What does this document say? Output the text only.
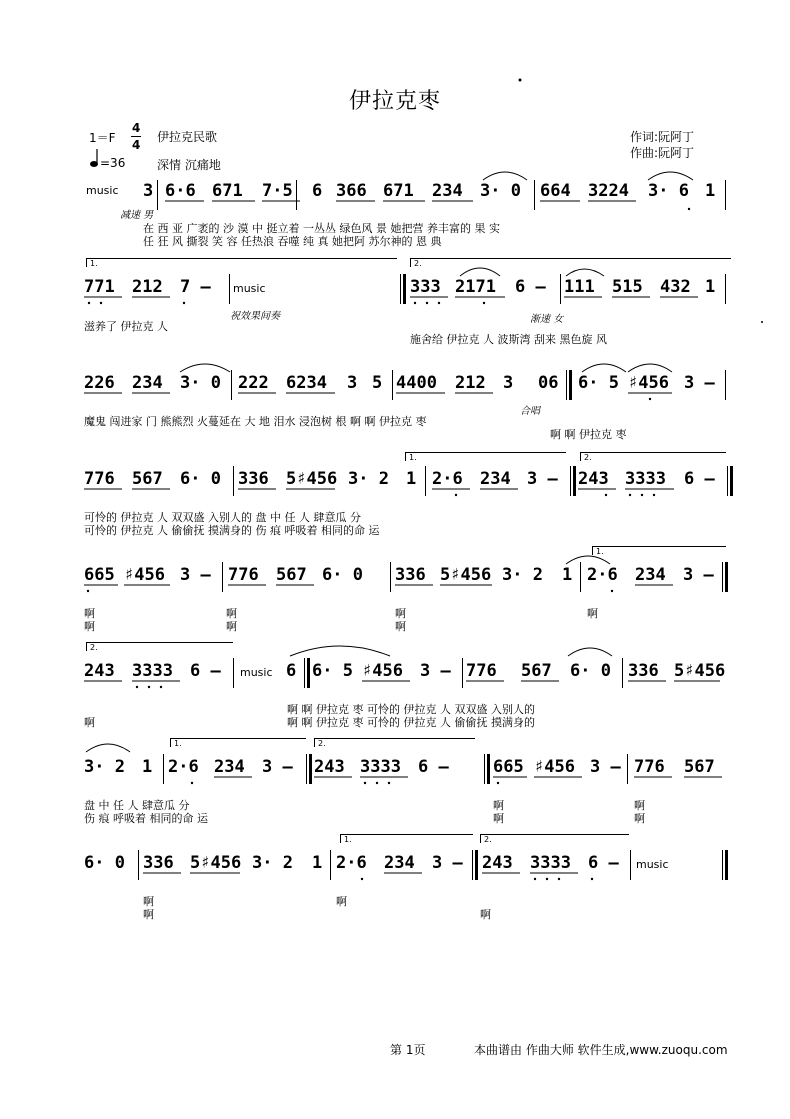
伊拉克枣
1＝F
4
4
伊拉克民歌
=36	深情 沉痛地
作词:阮阿丁
作曲:阮阿丁
music 3 6·6 671 7·5 6 366 671 234 3· 0 664 3224 3· 6 1
减速 男
在 西 亚 广袤的 沙 漠 中 挺立着 一丛丛 绿色风 景 她把营 养丰富的 果 实
任 狂 风 撕裂 笑 容 任热浪 吞噬 纯 真 她把阿 苏尔神的 恩 典
1.	2.
771 212 7 – music	333 2171 6 – 111 515 432 1
祝效果间奏	渐速 女
滋养了 伊拉克 人
施舍给 伊拉克 人 波斯湾 刮来 黑色旋 风
226 234 3· 0 222 6234 3 5 4400 212 3 06 6· 5 ♯456 3 –
合唱
魔鬼 闯进家 门 熊熊烈 火蔓延在 大 地 泪水 浸泡树 根 啊 啊 伊拉克 枣
啊 啊 伊拉克 枣
1.	2.
776 567 6· 0 336 5♯456 3· 2 1 2·6 234 3 – 243 3333 6 –
可怜的 伊拉克 人 双双盛 入别人的 盘 中 任 人 肆意瓜 分
可怜的 伊拉克 人 偷偷抚 摸满身的 伤 痕 呼吸着 相同的命 运
1.
665 ♯456 3 – 776 567 6· 0 336 5♯456 3· 2 1 2·6 234 3 –
啊	啊	啊	啊
啊	啊	啊
2.
243 3333 6 – music 6 6· 5 ♯456 3 – 776 567 6· 0 336 5♯456
啊 啊 伊拉克 枣 可怜的 伊拉克 人 双双盛 入别人的
啊	啊 啊 伊拉克 枣 可怜的 伊拉克 人 偷偷抚 摸满身的
1.	2.
3· 2 1 2·6 234 3 – 243 3333 6 –	665 ♯456 3 – 776 567
盘 中 任 人 肆意瓜 分
伤 痕 呼吸着 相同的命 运
啊	啊
啊	啊
1.	2.
6· 0 336 5♯456 3· 2 1 2·6 234 3 – 243 3333 6 – music
啊	啊
啊	啊
第 1页	本曲谱由 作曲大师 软件生成,www.zuoqu.com
